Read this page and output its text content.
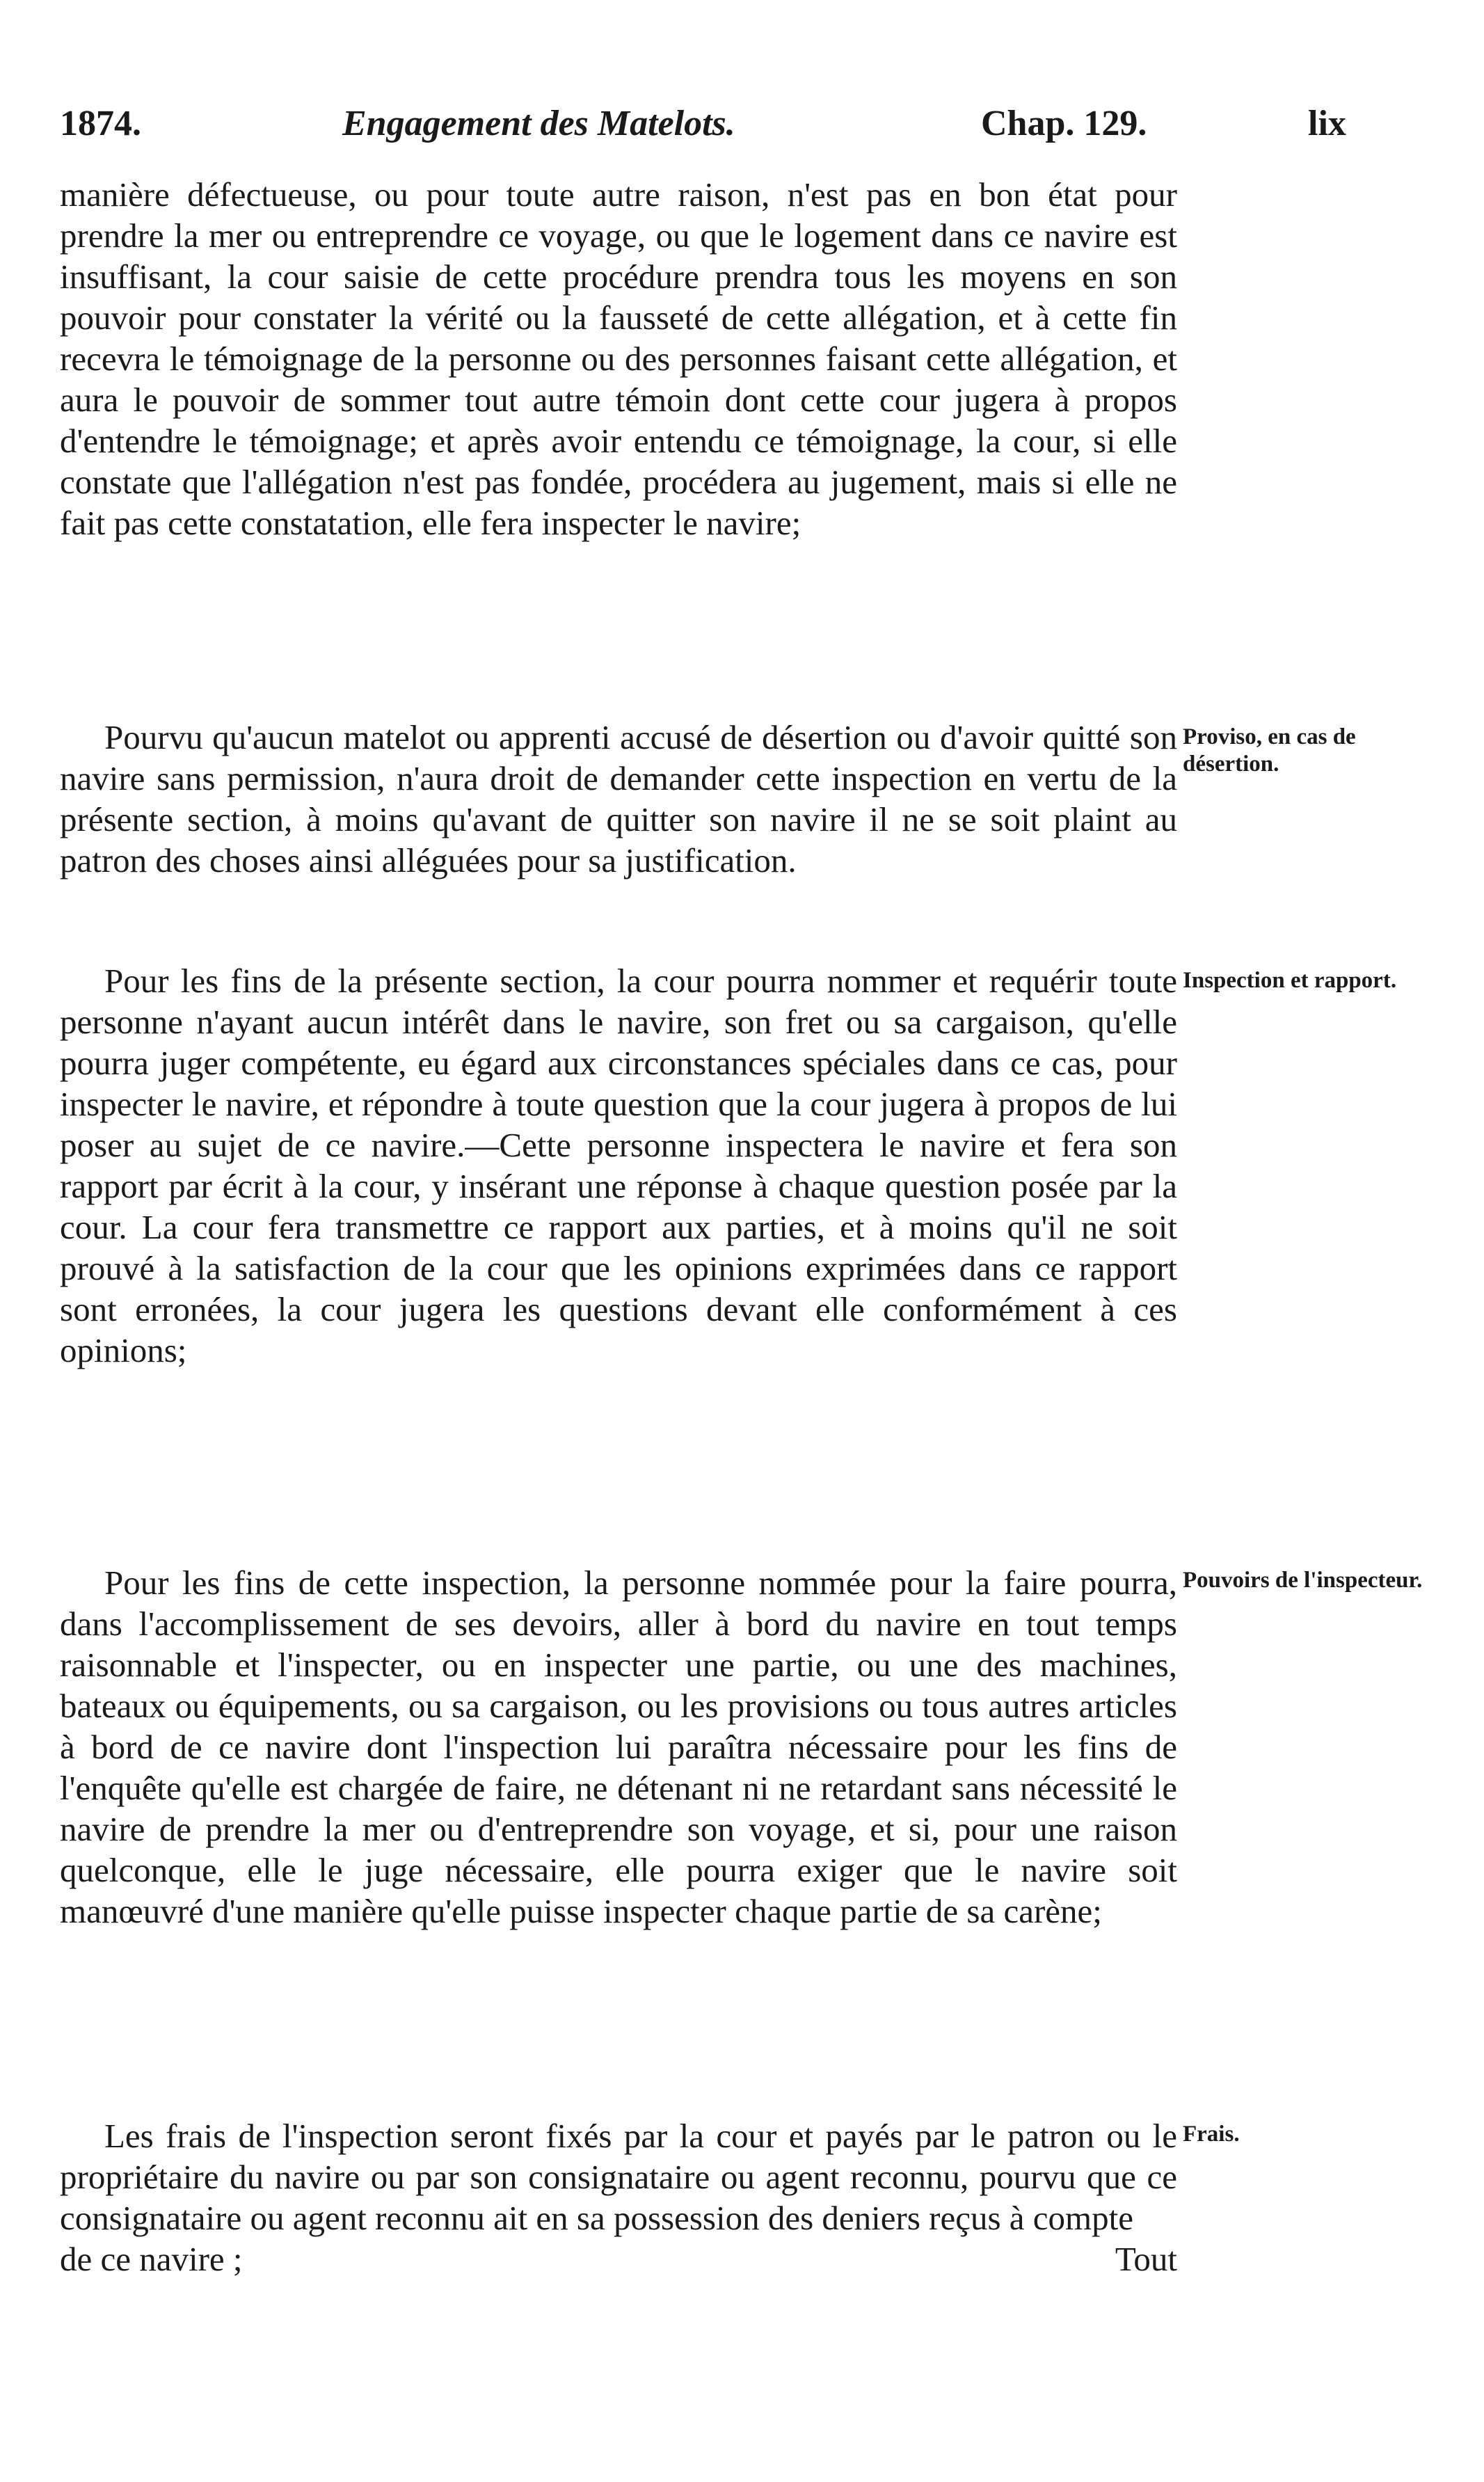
1874.	Engagement des Matelots.	Chap. 129.	lix

manière défectueuse, ou pour toute autre raison, n'est pas en bon état pour prendre la mer ou entreprendre ce voyage, ou que le logement dans ce navire est insuffisant, la cour saisie de cette procédure prendra tous les moyens en son pouvoir pour constater la vérité ou la fausseté de cette allégation, et à cette fin recevra le témoignage de la personne ou des personnes faisant cette allégation, et aura le pouvoir de sommer tout autre témoin dont cette cour jugera à propos d'entendre le témoignage; et après avoir entendu ce témoignage, la cour, si elle constate que l'allégation n'est pas fondée, procédera au jugement, mais si elle ne fait pas cette constatation, elle fera inspecter le navire;

Pourvu qu'aucun matelot ou apprenti accusé de désertion ou d'avoir quitté son navire sans permission, n'aura droit de demander cette inspection en vertu de la présente section, à moins qu'avant de quitter son navire il ne se soit plaint au patron des choses ainsi alléguées pour sa justification.

Pour les fins de la présente section, la cour pourra nommer et requérir toute personne n'ayant aucun intérêt dans le navire, son fret ou sa cargaison, qu'elle pourra juger compétente, eu égard aux circonstances spéciales dans ce cas, pour inspecter le navire, et répondre à toute question que la cour jugera à propos de lui poser au sujet de ce navire.—Cette personne inspectera le navire et fera son rapport par écrit à la cour, y insérant une réponse à chaque question posée par la cour. La cour fera transmettre ce rapport aux parties, et à moins qu'il ne soit prouvé à la satisfaction de la cour que les opinions exprimées dans ce rapport sont erronées, la cour jugera les questions devant elle conformément à ces opinions;

Pour les fins de cette inspection, la personne nommée pour la faire pourra, dans l'accomplissement de ses devoirs, aller à bord du navire en tout temps raisonnable et l'inspecter, ou en inspecter une partie, ou une des machines, bateaux ou équipements, ou sa cargaison, ou les provisions ou tous autres articles à bord de ce navire dont l'inspection lui paraîtra nécessaire pour les fins de l'enquête qu'elle est chargée de faire, ne détenant ni ne retardant sans nécessité le navire de prendre la mer ou d'entreprendre son voyage, et si, pour une raison quelconque, elle le juge nécessaire, elle pourra exiger que le navire soit manœuvré d'une manière qu'elle puisse inspecter chaque partie de sa carène;

Les frais de l'inspection seront fixés par la cour et payés par le patron ou le propriétaire du navire ou par son consignataire ou agent reconnu, pourvu que ce consignataire ou agent reconnu ait en sa possession des deniers reçus à compte

de ce navire ;	Tout
Proviso, en cas de désertion.
Inspection et rapport.
Pouvoirs de l'inspecteur.
Frais.
